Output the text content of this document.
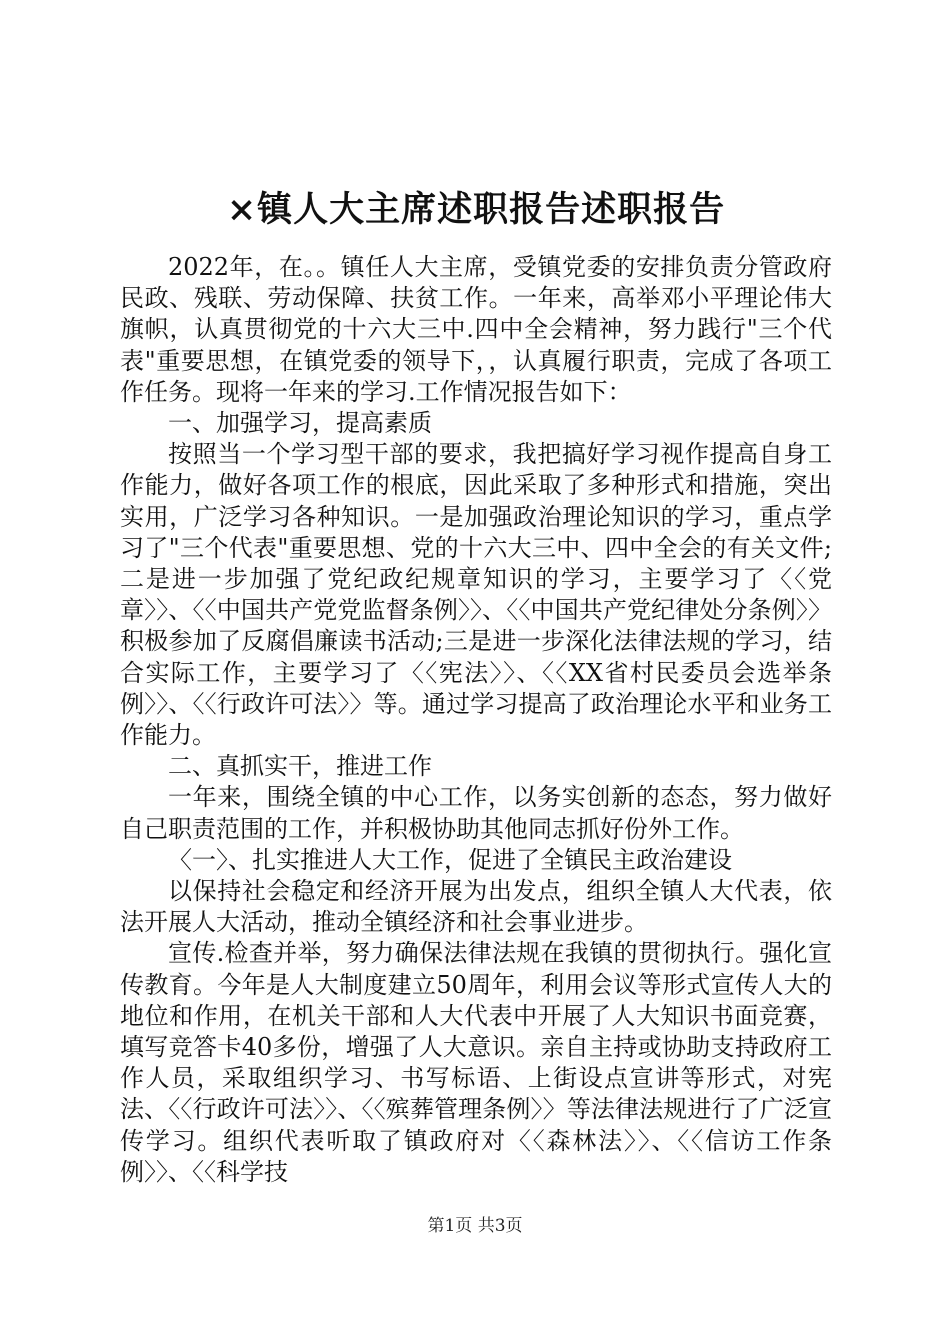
×镇人大主席述职报告述职报告

2022年，在。。镇任人大主席，受镇党委的安排负责分管政府民政、残联、劳动保障、扶贫工作。一年来，高举邓小平理论伟大旗帜，认真贯彻党的十六大三中.四中全会精神，努力践行"三个代表"重要思想，在镇党委的领导下，，认真履行职责，完成了各项工作任务。现将一年来的学习.工作情况报告如下：

一、加强学习，提高素质

按照当一个学习型干部的要求，我把搞好学习视作提高自身工作能力，做好各项工作的根底，因此采取了多种形式和措施，突出实用，广泛学习各种知识。一是加强政治理论知识的学习，重点学习了"三个代表"重要思想、党的十六大三中、四中全会的有关文件;二是进一步加强了党纪政纪规章知识的学习，主要学习了〈〈党章〉〉、〈〈中国共产党党监督条例〉〉、〈〈中国共产党纪律处分条例〉〉积极参加了反腐倡廉读书活动;三是进一步深化法律法规的学习，结合实际工作，主要学习了〈〈宪法〉〉、〈〈XX省村民委员会选举条例〉〉、〈〈行政许可法〉〉等。通过学习提高了政治理论水平和业务工作能力。

二、真抓实干，推进工作

一年来，围绕全镇的中心工作，以务实创新的态态，努力做好自己职责范围的工作，并积极协助其他同志抓好份外工作。

〈一〉、扎实推进人大工作，促进了全镇民主政治建设

以保持社会稳定和经济开展为出发点，组织全镇人大代表，依法开展人大活动，推动全镇经济和社会事业进步。

宣传.检查并举，努力确保法律法规在我镇的贯彻执行。强化宣传教育。今年是人大制度建立50周年，利用会议等形式宣传人大的地位和作用，在机关干部和人大代表中开展了人大知识书面竞赛，填写竞答卡40多份，增强了人大意识。亲自主持或协助支持政府工作人员，采取组织学习、书写标语、上街设点宣讲等形式，对宪法、〈〈行政许可法〉〉、〈〈殡葬管理条例〉〉等法律法规进行了广泛宣传学习。组织代表听取了镇政府对〈〈森林法〉〉、〈〈信访工作条例〉〉、〈〈科学技

第1页 共3页
